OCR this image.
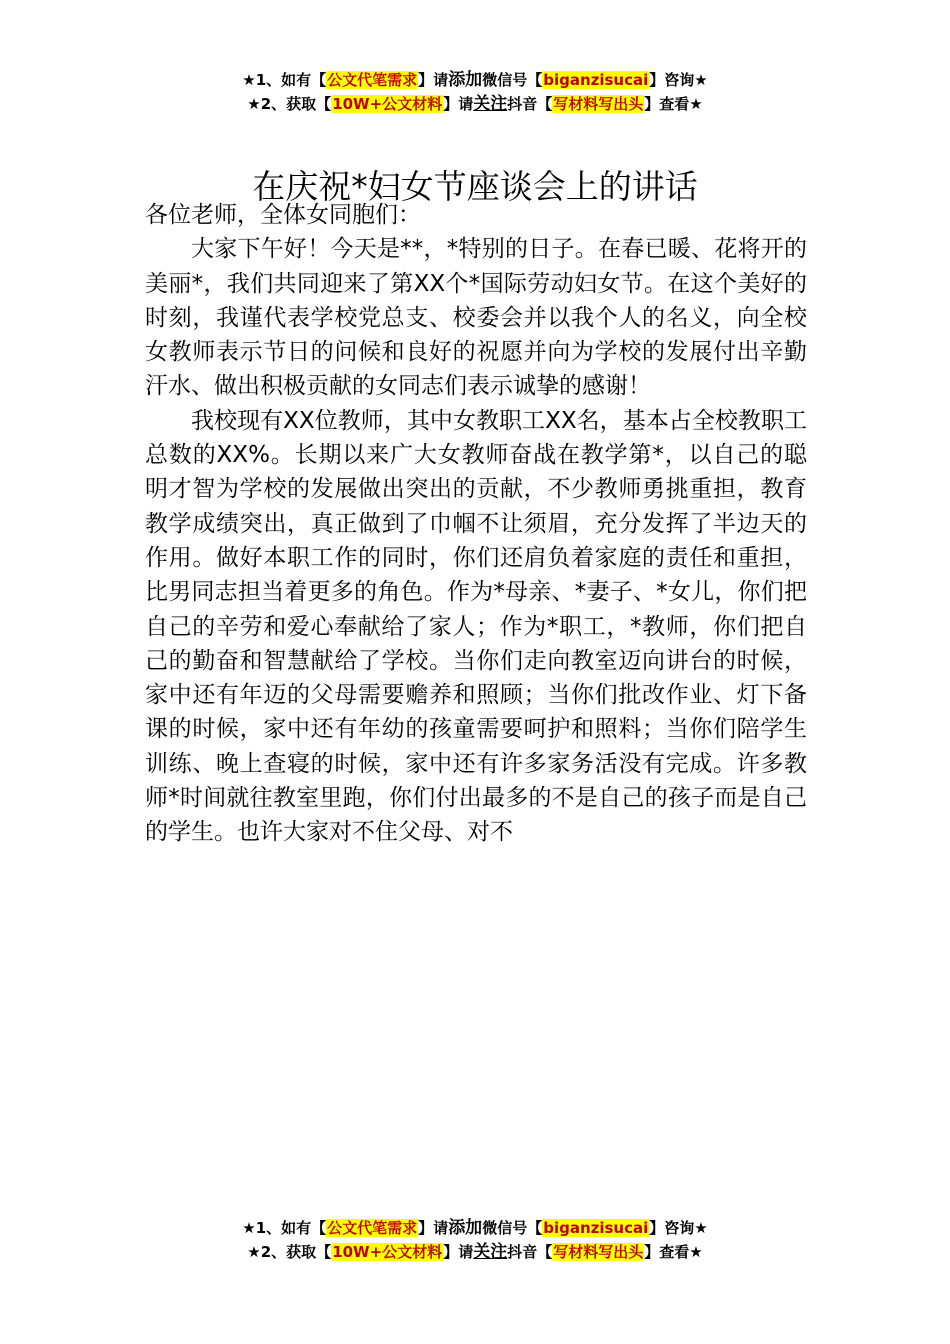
★1、如有【公文代笔需求】请添加微信号【biganzisucai】咨询★
★2、获取【10W+公文材料】请关注抖音【写材料写出头】查看★
在庆祝*妇女节座谈会上的讲话

各位老师，全体女同胞们：

大家下午好！今天是**，*特别的日子。在春已暖、花将开的美丽*，我们共同迎来了第XX个*国际劳动妇女节。在这个美好的时刻，我谨代表学校党总支、校委会并以我个人的名义，向全校女教师表示节日的问候和良好的祝愿并向为学校的发展付出辛勤汗水、做出积极贡献的女同志们表示诚挚的感谢！

我校现有XX位教师，其中女教职工XX名，基本占全校教职工总数的XX%。长期以来广大女教师奋战在教学第*，以自己的聪明才智为学校的发展做出突出的贡献，不少教师勇挑重担，教育教学成绩突出，真正做到了巾帼不让须眉，充分发挥了半边天的作用。做好本职工作的同时，你们还肩负着家庭的责任和重担，比男同志担当着更多的角色。作为*母亲、*妻子、*女儿，你们把自己的辛劳和爱心奉献给了家人；作为*职工，*教师，你们把自己的勤奋和智慧献给了学校。当你们走向教室迈向讲台的时候，家中还有年迈的父母需要赡养和照顾；当你们批改作业、灯下备课的时候，家中还有年幼的孩童需要呵护和照料；当你们陪学生训练、晚上查寝的时候，家中还有许多家务活没有完成。许多教师*时间就往教室里跑，你们付出最多的不是自己的孩子而是自己的学生。也许大家对不住父母、对不

★1、如有【公文代笔需求】请添加微信号【biganzisucai】咨询★
★2、获取【10W+公文材料】请关注抖音【写材料写出头】查看★
